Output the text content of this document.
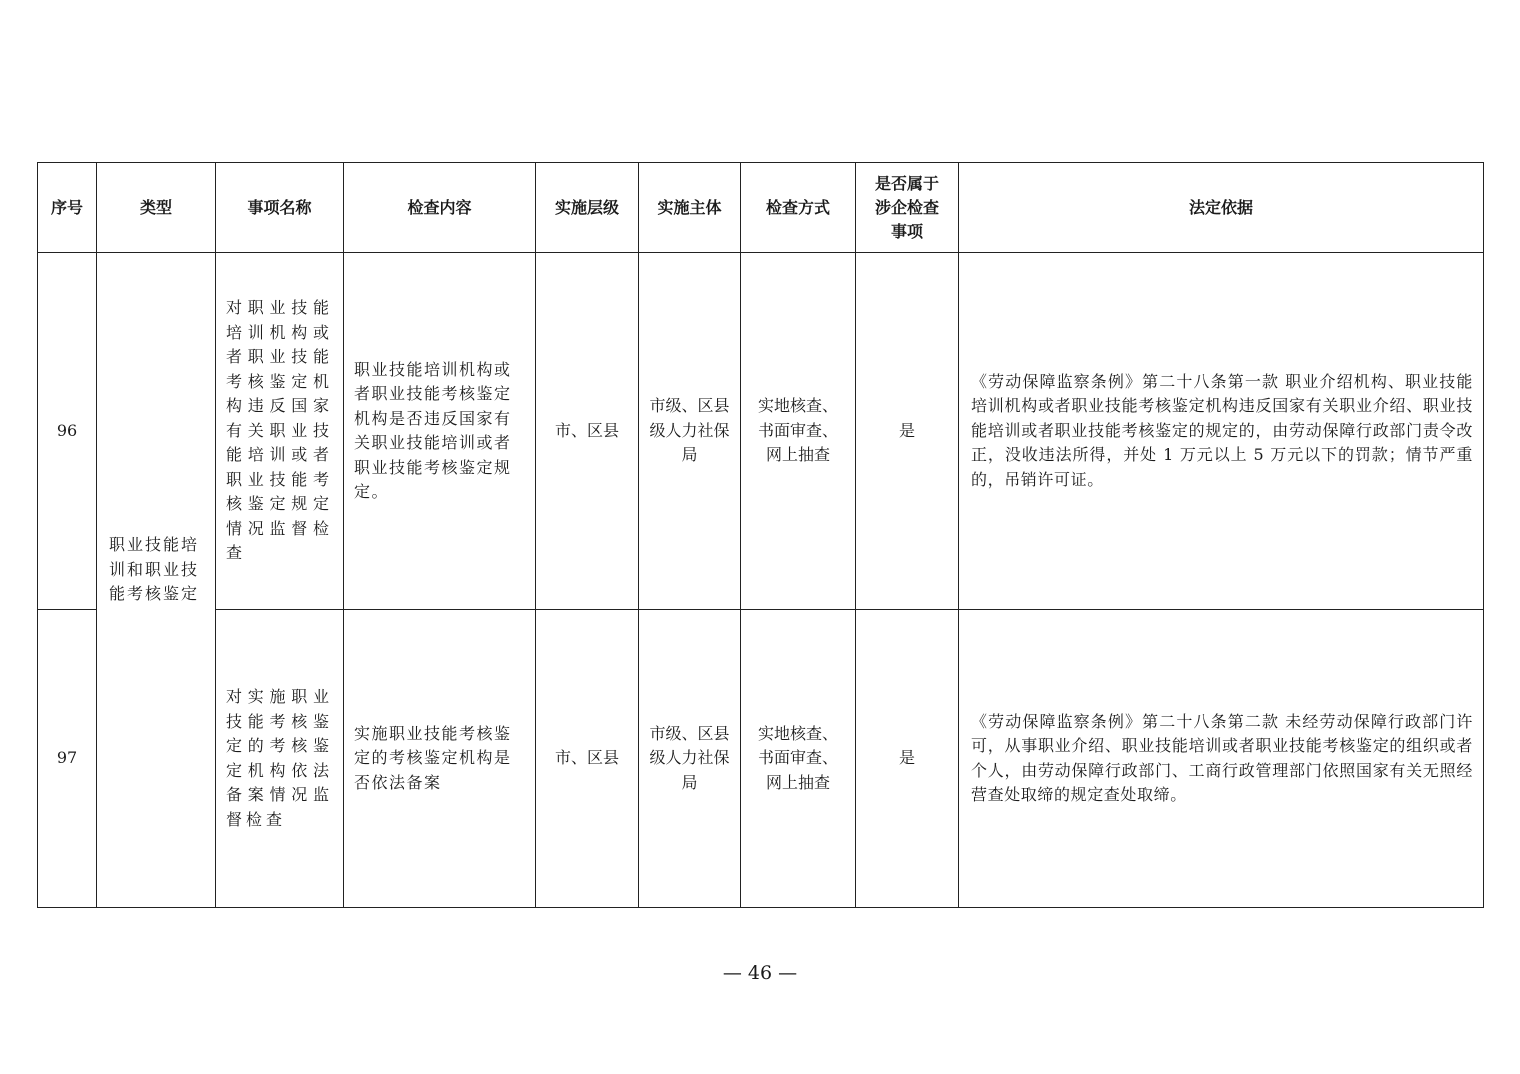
序号	类型	事项名称	检查内容	实施层级	实施主体	检查方式	是否属于涉企检查事项	法定依据
96	职业技能培训和职业技能考核鉴定	对职业技能培训机构或者职业技能考核鉴定机构违反国家有关职业技能培训或者职业技能考核鉴定规定情况监督检查	职业技能培训机构或者职业技能考核鉴定机构是否违反国家有关职业技能培训或者职业技能考核鉴定规定。	市、区县	市级、区县级人力社保局	实地核查、书面审查、网上抽查	是	《劳动保障监察条例》第二十八条第一款 职业介绍机构、职业技能培训机构或者职业技能考核鉴定机构违反国家有关职业介绍、职业技能培训或者职业技能考核鉴定的规定的，由劳动保障行政部门责令改正，没收违法所得，并处 1 万元以上 5 万元以下的罚款；情节严重的，吊销许可证。
97		对实施职业技能考核鉴定的考核鉴定机构依法备案情况监督检查	实施职业技能考核鉴定的考核鉴定机构是否依法备案	市、区县	市级、区县级人力社保局	实地核查、书面审查、网上抽查	是	《劳动保障监察条例》第二十八条第二款 未经劳动保障行政部门许可，从事职业介绍、职业技能培训或者职业技能考核鉴定的组织或者个人，由劳动保障行政部门、工商行政管理部门依照国家有关无照经营查处取缔的规定查处取缔。
— 46 —
